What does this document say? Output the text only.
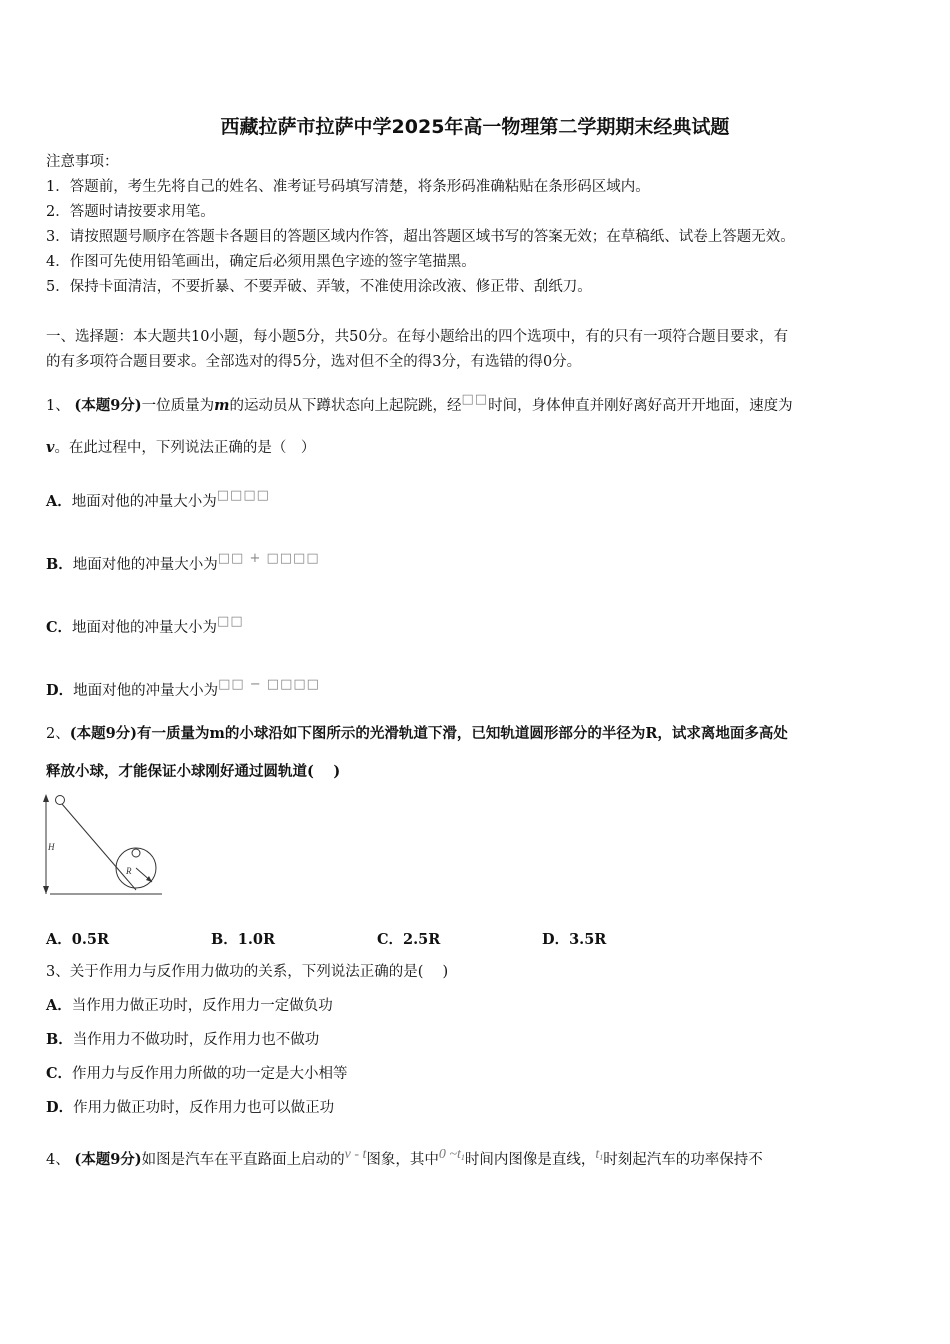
西藏拉萨市拉萨中学2025年高一物理第二学期期末经典试题
注意事项：
1．答题前，考生先将自己的姓名、准考证号码填写清楚，将条形码准确粘贴在条形码区域内。
2．答题时请按要求用笔。
3．请按照题号顺序在答题卡各题目的答题区域内作答，超出答题区域书写的答案无效；在草稿纸、试卷上答题无效。
4．作图可先使用铅笔画出，确定后必须用黑色字迹的签字笔描黑。
5．保持卡面清洁，不要折暴、不要弄破、弄皱，不准使用涂改液、修正带、刮纸刀。
一、选择题：本大题共10小题，每小题5分，共50分。在每小题给出的四个选项中，有的只有一项符合题目要求，有
的有多项符合题目要求。全部选对的得5分，选对但不全的得3分，有选错的得0分。
1、 (本题9分)一位质量为m的运动员从下蹲状态向上起院跳，经□□时间，身体伸直并刚好离好高开开地面，速度为
v。在此过程中，下列说法正确的是（　）
A．地面对他的冲量大小为□□□□
B．地面对他的冲量大小为□□ + □□□□
C．地面对他的冲量大小为□□
D．地面对他的冲量大小为□□ − □□□□
2、(本题9分)有一质量为m的小球沿如下图所示的光滑轨道下滑，已知轨道圆形部分的半径为R，试求离地面多高处
释放小球，才能保证小球刚好通过圆轨道(　 )
H
R
A．0.5R	B．1.0R	C．2.5R	D．3.5R
3、关于作用力与反作用力做功的关系，下列说法正确的是(　 )
A．当作用力做正功时，反作用力一定做负功
B．当作用力不做功时，反作用力也不做功
C．作用力与反作用力所做的功一定是大小相等
D．作用力做正功时，反作用力也可以做正功
4、 (本题9分)如图是汽车在平直路面上启动的v - t图象，其中0 $\sim t_1$时间内图像是直线，$t_1$时刻起汽车的功率保持不
